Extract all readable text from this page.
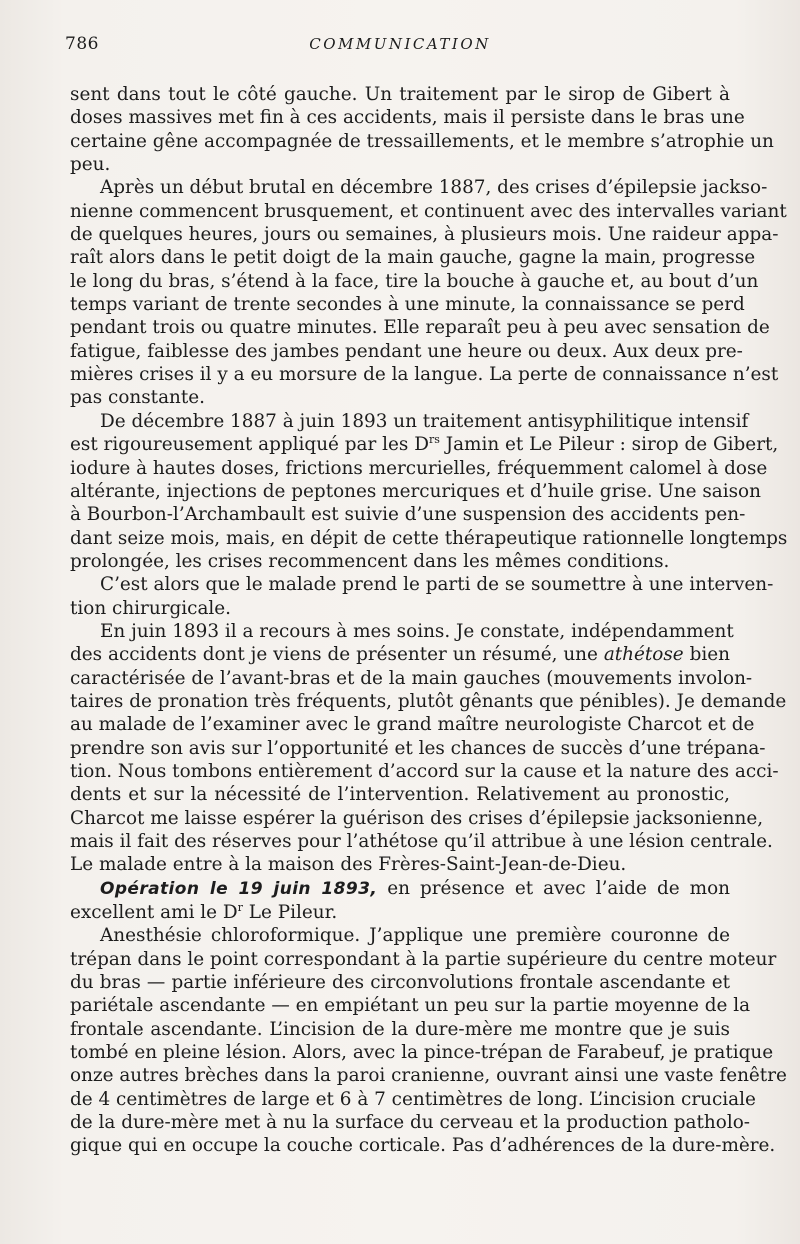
786	COMMUNICATION

sent dans tout le côté gauche. Un traitement par le sirop de Gibert à
doses massives met fin à ces accidents, mais il persiste dans le bras une
certaine gêne accompagnée de tressaillements, et le membre s’atrophie un
peu.

Après un début brutal en décembre 1887, des crises d’épilepsie jackso-
nienne commencent brusquement, et continuent avec des intervalles variant
de quelques heures, jours ou semaines, à plusieurs mois. Une raideur appa-
raît alors dans le petit doigt de la main gauche, gagne la main, progresse
le long du bras, s’étend à la face, tire la bouche à gauche et, au bout d’un
temps variant de trente secondes à une minute, la connaissance se perd
pendant trois ou quatre minutes. Elle reparaît peu à peu avec sensation de
fatigue, faiblesse des jambes pendant une heure ou deux. Aux deux pre-
mières crises il y a eu morsure de la langue. La perte de connaissance n’est
pas constante.

De décembre 1887 à juin 1893 un traitement antisyphilitique intensif
est rigoureusement appliqué par les $D^{rs}$ Jamin et Le Pileur : sirop de Gibert,
iodure à hautes doses, frictions mercurielles, fréquemment calomel à dose
altérante, injections de peptones mercuriques et d’huile grise. Une saison
à Bourbon-l’Archambault est suivie d’une suspension des accidents pen-
dant seize mois, mais, en dépit de cette thérapeutique rationnelle longtemps
prolongée, les crises recommencent dans les mêmes conditions.

C’est alors que le malade prend le parti de se soumettre à une interven-
tion chirurgicale.

En juin 1893 il a recours à mes soins. Je constate, indépendamment
des accidents dont je viens de présenter un résumé, une athétose bien
caractérisée de l’avant-bras et de la main gauches (mouvements involon-
taires de pronation très fréquents, plutôt gênants que pénibles). Je demande
au malade de l’examiner avec le grand maître neurologiste Charcot et de
prendre son avis sur l’opportunité et les chances de succès d’une trépana-
tion. Nous tombons entièrement d’accord sur la cause et la nature des acci-
dents et sur la nécessité de l’intervention. Relativement au pronostic,
Charcot me laisse espérer la guérison des crises d’épilepsie jacksonienne,
mais il fait des réserves pour l’athétose qu’il attribue à une lésion centrale.
Le malade entre à la maison des Frères-Saint-Jean-de-Dieu.

Opération le 19 juin 1893, en présence et avec l’aide de mon
excellent ami le $D^r$ Le Pileur.

Anesthésie chloroformique. J’applique une première couronne de
trépan dans le point correspondant à la partie supérieure du centre moteur
du bras — partie inférieure des circonvolutions frontale ascendante et
pariétale ascendante — en empiétant un peu sur la partie moyenne de la
frontale ascendante. L’incision de la dure-mère me montre que je suis
tombé en pleine lésion. Alors, avec la pince-trépan de Farabeuf, je pratique
onze autres brèches dans la paroi cranienne, ouvrant ainsi une vaste fenêtre
de 4 centimètres de large et 6 à 7 centimètres de long. L’incision cruciale
de la dure-mère met à nu la surface du cerveau et la production patholo-
gique qui en occupe la couche corticale. Pas d’adhérences de la dure-mère.
